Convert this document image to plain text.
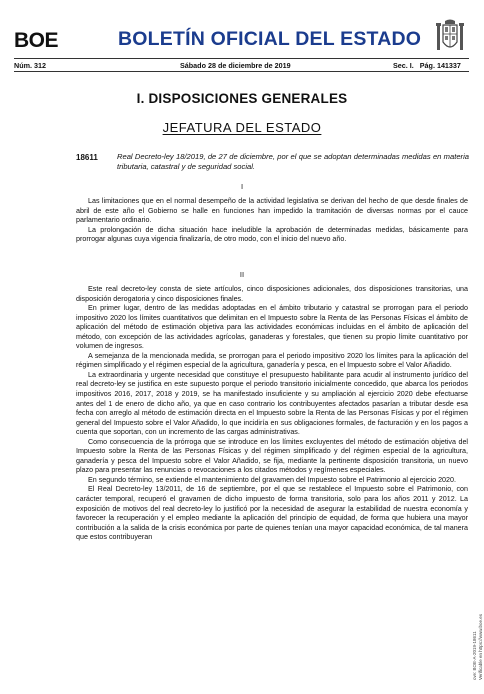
BOE	BOLETÍN OFICIAL DEL ESTADO
Núm. 312	Sábado 28 de diciembre de 2019	Sec. I.   Pág. 141337
I. DISPOSICIONES GENERALES
JEFATURA DEL ESTADO
18611	Real Decreto-ley 18/2019, de 27 de diciembre, por el que se adoptan determinadas medidas en materia tributaria, catastral y de seguridad social.
I

Las limitaciones que en el normal desempeño de la actividad legislativa se derivan del hecho de que desde finales de abril de este año el Gobierno se halle en funciones han impedido la tramitación de diversas normas por el cauce parlamentario ordinario.

La prolongación de dicha situación hace ineludible la aprobación de determinadas medidas, básicamente para prorrogar algunas cuya vigencia finalizaría, de otro modo, con el inicio del nuevo año.

II

Este real decreto-ley consta de siete artículos, cinco disposiciones adicionales, dos disposiciones transitorias, una disposición derogatoria y cinco disposiciones finales.

En primer lugar, dentro de las medidas adoptadas en el ámbito tributario y catastral se prorrogan para el periodo impositivo 2020 los límites cuantitativos que delimitan en el Impuesto sobre la Renta de las Personas Físicas el ámbito de aplicación del método de estimación objetiva para las actividades económicas incluidas en el ámbito de aplicación del método, con excepción de las actividades agrícolas, ganaderas y forestales, que tienen su propio límite cuantitativo por volumen de ingresos.

A semejanza de la mencionada medida, se prorrogan para el periodo impositivo 2020 los límites para la aplicación del régimen simplificado y el régimen especial de la agricultura, ganadería y pesca, en el Impuesto sobre el Valor Añadido.

La extraordinaria y urgente necesidad que constituye el presupuesto habilitante para acudir al instrumento jurídico del real decreto-ley se justifica en este supuesto porque el periodo transitorio inicialmente concedido, que abarca los periodos impositivos 2016, 2017, 2018 y 2019, se ha manifestado insuficiente y su ampliación al ejercicio 2020 debe efectuarse antes del 1 de enero de dicho año, ya que en caso contrario los contribuyentes afectados pasarían a tributar desde esa fecha con arreglo al método de estimación directa en el Impuesto sobre la Renta de las Personas Físicas y por el régimen general del Impuesto sobre el Valor Añadido, lo que incidiría en sus obligaciones formales, de facturación y en los pagos a cuenta que soportan, con un incremento de las cargas administrativas.

Como consecuencia de la prórroga que se introduce en los límites excluyentes del método de estimación objetiva del Impuesto sobre la Renta de las Personas Físicas y del régimen simplificado y del régimen especial de la agricultura, ganadería y pesca del Impuesto sobre el Valor Añadido, se fija, mediante la pertinente disposición transitoria, un nuevo plazo para presentar las renuncias o revocaciones a los citados métodos y regímenes especiales.

En segundo término, se extiende el mantenimiento del gravamen del Impuesto sobre el Patrimonio al ejercicio 2020.

El Real Decreto-ley 13/2011, de 16 de septiembre, por el que se restablece el Impuesto sobre el Patrimonio, con carácter temporal, recuperó el gravamen de dicho impuesto de forma transitoria, solo para los años 2011 y 2012. La exposición de motivos del real decreto-ley lo justificó por la necesidad de asegurar la estabilidad de nuestra economía y favorecer la recuperación y el empleo mediante la aplicación del principio de equidad, de forma que hubiera una mayor contribución a la salida de la crisis económica por parte de quienes tenían una mayor capacidad económica, de tal manera que estos contribuyeran

cve: BOE-A-2019-18611 Verificable en https://www.boe.es
